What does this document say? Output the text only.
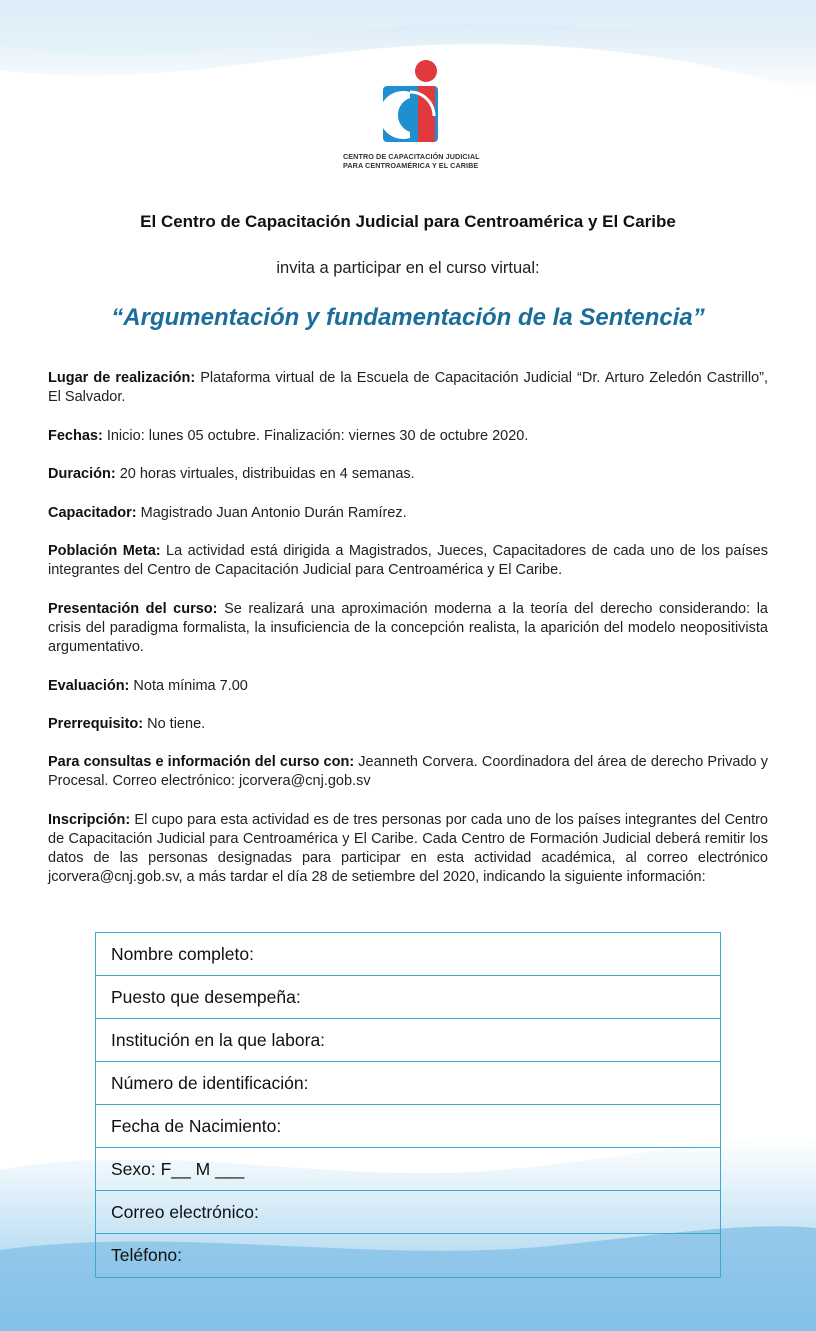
CENTRO DE CAPACITACIÓN JUDICIAL
PARA CENTROAMÉRICA Y EL CARIBE
El Centro de Capacitación Judicial para Centroamérica y El Caribe
invita a participar en el curso virtual:
“Argumentación y fundamentación de la Sentencia”
Lugar de realización: Plataforma virtual de la Escuela de Capacitación Judicial “Dr. Arturo Zeledón Castrillo”, El Salvador.
Fechas: Inicio: lunes 05 octubre. Finalización: viernes 30 de octubre 2020.
Duración: 20 horas virtuales, distribuidas en 4 semanas.
Capacitador: Magistrado Juan Antonio Durán Ramírez.
Población Meta: La actividad está dirigida a Magistrados, Jueces, Capacitadores de cada uno de los países integrantes del Centro de Capacitación Judicial para Centroamérica y El Caribe.
Presentación del curso: Se realizará una aproximación moderna a la teoría del derecho considerando: la crisis del paradigma formalista, la insuficiencia de la concepción realista, la aparición del modelo neopositivista argumentativo.
Evaluación: Nota mínima 7.00
Prerrequisito: No tiene.
Para consultas e información del curso con: Jeanneth Corvera. Coordinadora del área de derecho Privado y Procesal. Correo electrónico: jcorvera@cnj.gob.sv
Inscripción: El cupo para esta actividad es de tres personas por cada uno de los países integrantes del Centro de Capacitación Judicial para Centroamérica y El Caribe. Cada Centro de Formación Judicial deberá remitir los datos de las personas designadas para participar en esta actividad académica, al correo electrónico jcorvera@cnj.gob.sv, a más tardar el día 28 de setiembre del 2020, indicando la siguiente información:
Nombre completo:
Puesto que desempeña:
Institución en la que labora:
Número de identificación:
Fecha de Nacimiento:
Sexo: F__ M ___
Correo electrónico:
Teléfono:
